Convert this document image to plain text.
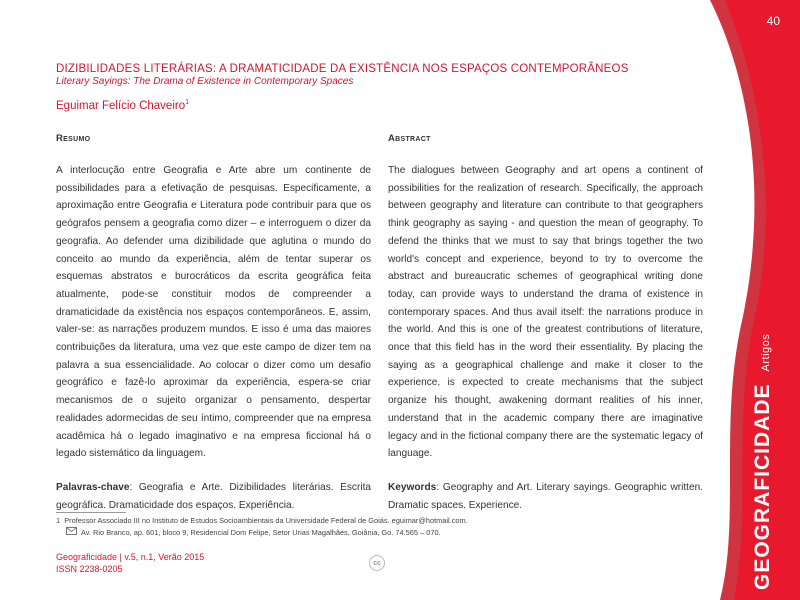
40
GEOGRAFICIDADE
Artigos
DIZIBILIDADES LITERÁRIAS: A DRAMATICIDADE DA EXISTÊNCIA NOS ESPAÇOS CONTEMPORÂNEOS
Literary Sayings: The Drama of Existence in Contemporary Spaces
Eguimar Felício Chaveiro$^1$
Resumo

A interlocução entre Geografia e Arte abre um continente de possibilidades para a efetivação de pesquisas. Especificamente, a aproximação entre Geografia e Literatura pode contribuir para que os geógrafos pensem a geografia como dizer – e interroguem o dizer da geografia. Ao defender uma dizibilidade que aglutina o mundo do conceito ao mundo da experiência, além de tentar superar os esquemas abstratos e burocráticos da escrita geográfica feita atualmente, pode-se constituir modos de compreender a dramaticidade da existência nos espaços contemporâneos. E, assim, valer-se: as narrações produzem mundos. E isso é uma das maiores contribuições da literatura, uma vez que este campo de dizer tem na palavra a sua essencialidade. Ao colocar o dizer como um desafio geográfico e fazê-lo aproximar da experiência, espera-se criar mecanismos de o sujeito organizar o pensamento, despertar realidades adormecidas de seu íntimo, compreender que na empresa acadêmica há o legado imaginativo e na empresa ficcional há o legado sistemático da linguagem.

Palavras-chave: Geografia e Arte. Dizibilidades literárias. Escrita geográfica. Dramaticidade dos espaços. Experiência.
Abstract

The dialogues between Geography and art opens a continent of possibilities for the realization of research. Specifically, the approach between geography and literature can contribute to that geographers think geography as saying - and question the mean of geography. To defend the thinks that we must to say that brings together the two world's concept and experience, beyond to try to overcome the abstract and bureaucratic schemes of geographical writing done today, can provide ways to understand the drama of existence in contemporary spaces. And thus avail itself: the narrations produce in the world. And this is one of the greatest contributions of literature, once that this field has in the word their essentiality. By placing the saying as a geographical challenge and make it closer to the experience, is expected to create mechanisms that the subject organize his thought, awakening dormant realities of his inner, understand that in the academic company there are imaginative legacy and in the fictional company there are the systematic legacy of language.

Keywords: Geography and Art. Literary sayings. Geographic written. Dramatic spaces. Experience.
1 Professor Associado III no Instituto de Estudos Socioambientais da Universidade Federal de Goiás. eguimar@hotmail.com.
Av. Rio Branco, ap. 601, bloco 9, Residencial Dom Felipe, Setor Urias Magalhães, Goiânia, Go. 74.565 – 070.
Geograficidade | v.5, n.1, Verão 2015
ISSN 2238-0205
cc
